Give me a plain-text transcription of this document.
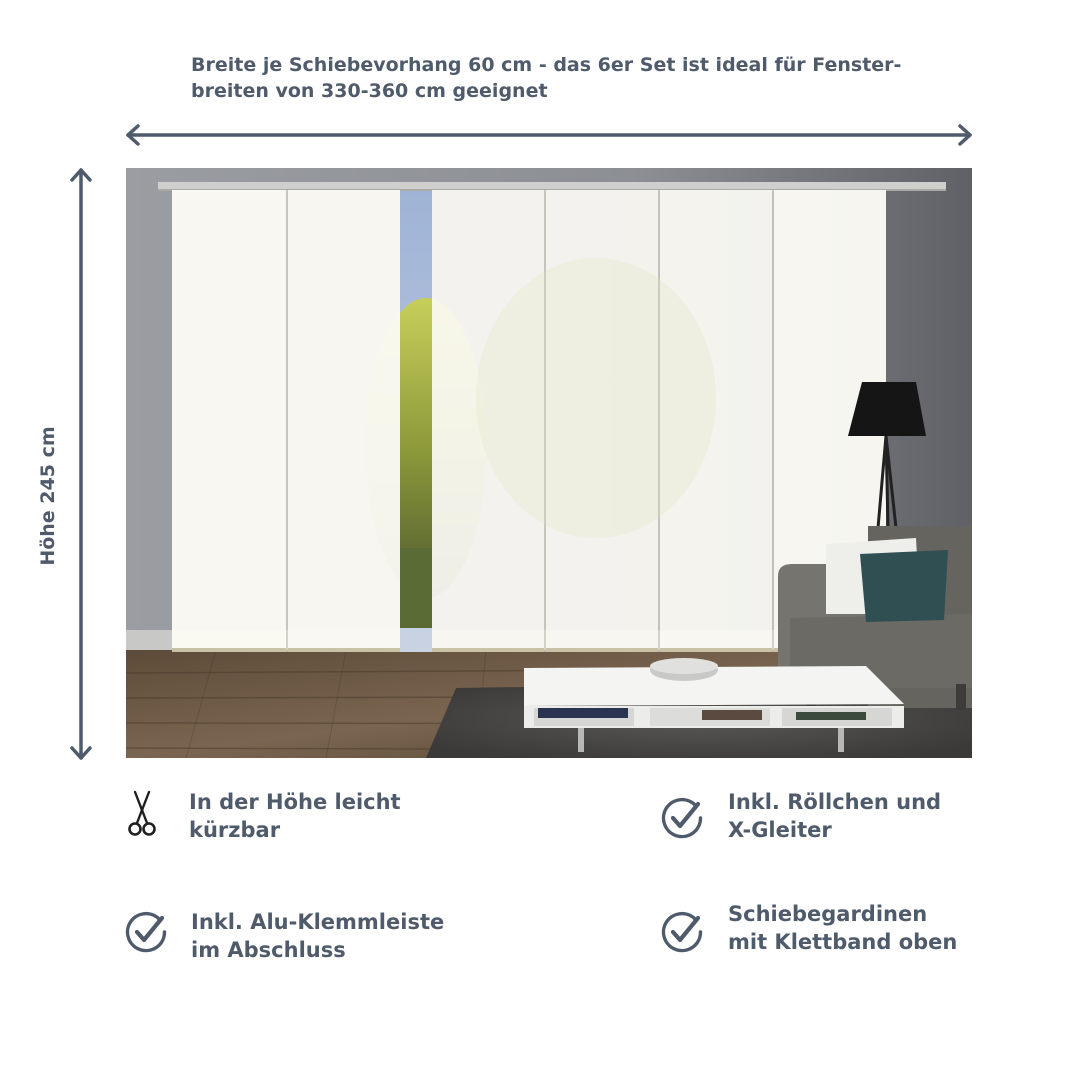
Breite je Schiebevorhang 60 cm - das 6er Set ist ideal für Fenster-
breiten von 330-360 cm geeignet
Höhe 245 cm
In der Höhe leicht
kürzbar
Inkl. Röllchen und
X-Gleiter
Inkl. Alu-Klemmleiste
im Abschluss
Schiebegardinen
mit Klettband oben
